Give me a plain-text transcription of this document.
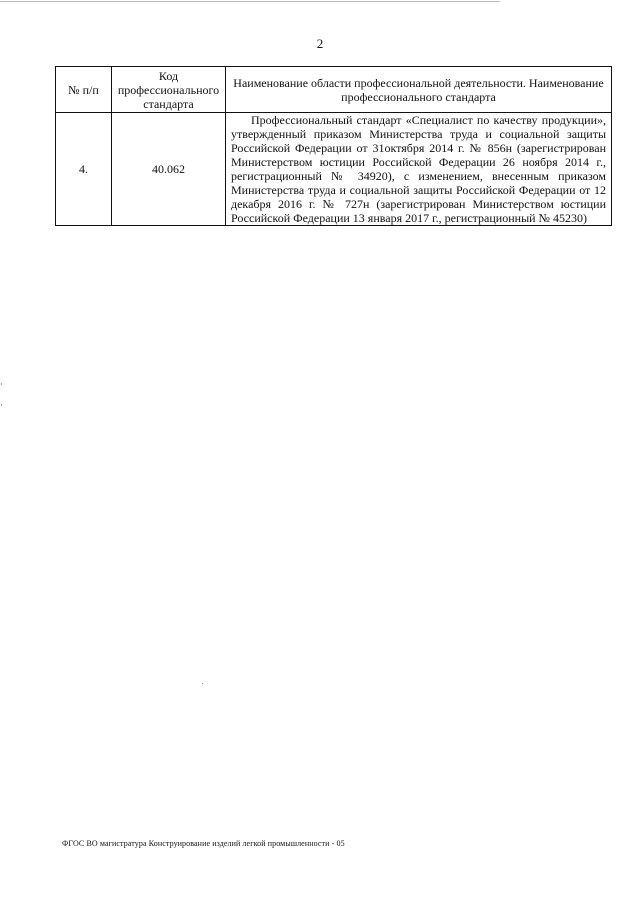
2
№ п/п	Код профессионального стандарта	Наименование области профессиональной деятельности. Наименование профессионального стандарта
4.	40.062	Профессиональный стандарт «Специалист по качеству продукции», утвержденный приказом Министерства труда и социальной защиты Российской Федерации от 31октября 2014 г. № 856н (зарегистрирован Министерством юстиции Российской Федерации 26 ноября 2014 г., регистрационный № 34920), с изменением, внесенным приказом Министерства труда и социальной защиты Российской Федерации от 12 декабря 2016 г. № 727н (зарегистрирован Министерством юстиции Российской Федерации 13 января 2017 г., регистрационный № 45230)
ФГОС ВО магистратура Конструирование изделий легкой промышленности - 05
